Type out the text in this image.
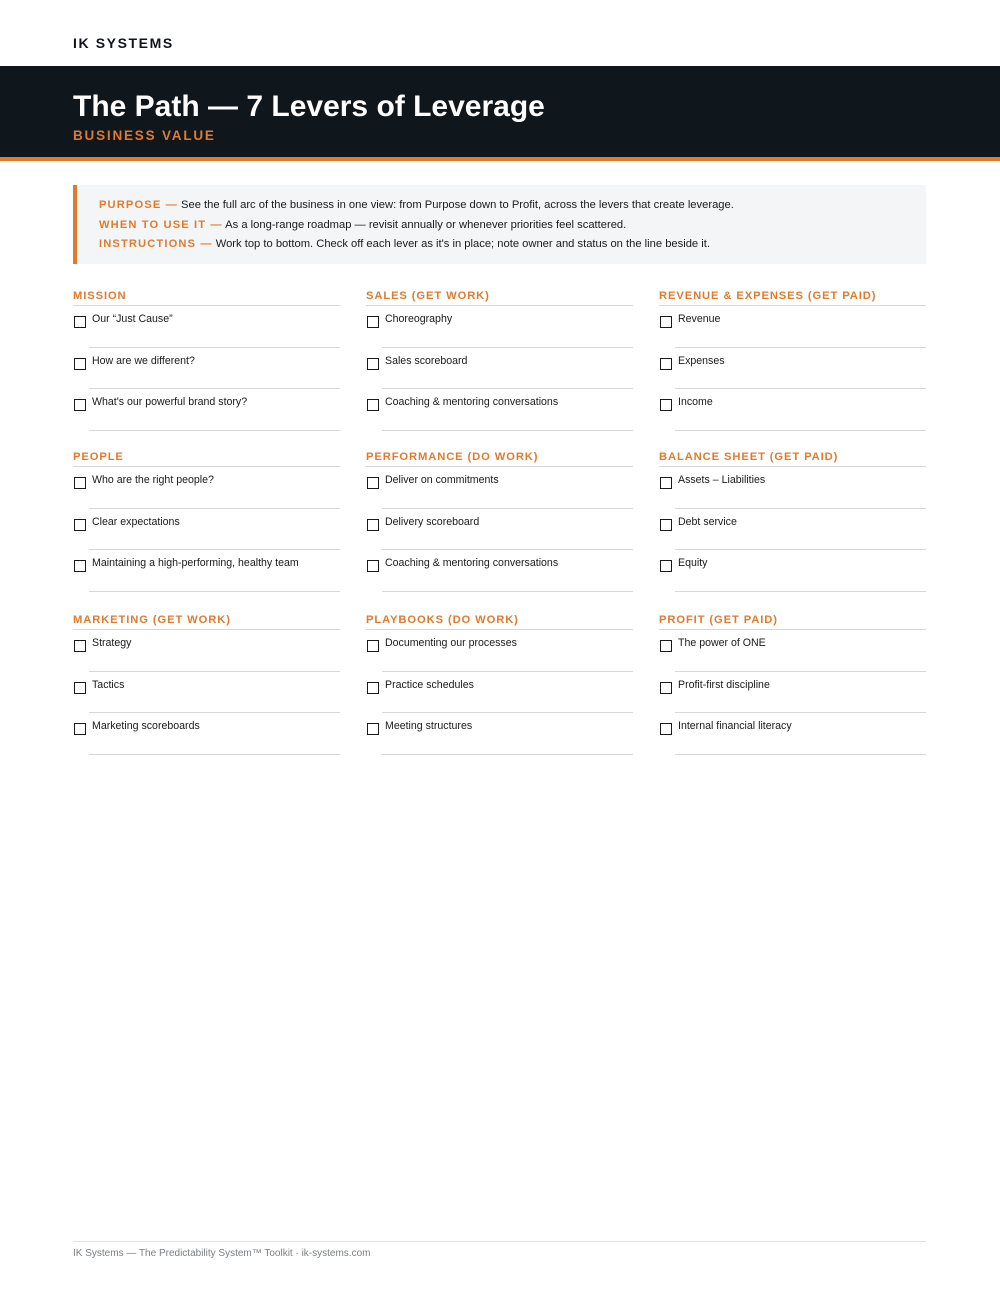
IK SYSTEMS
The Path — 7 Levers of Leverage
BUSINESS VALUE
PURPOSE — See the full arc of the business in one view: from Purpose down to Profit, across the levers that create leverage.
WHEN TO USE IT — As a long-range roadmap — revisit annually or whenever priorities feel scattered.
INSTRUCTIONS — Work top to bottom. Check off each lever as it's in place; note owner and status on the line beside it.
MISSION
Our “Just Cause”
How are we different?
What's our powerful brand story?
SALES (GET WORK)
Choreography
Sales scoreboard
Coaching & mentoring conversations
REVENUE & EXPENSES (GET PAID)
Revenue
Expenses
Income
PEOPLE
Who are the right people?
Clear expectations
Maintaining a high-performing, healthy team
PERFORMANCE (DO WORK)
Deliver on commitments
Delivery scoreboard
Coaching & mentoring conversations
BALANCE SHEET (GET PAID)
Assets – Liabilities
Debt service
Equity
MARKETING (GET WORK)
Strategy
Tactics
Marketing scoreboards
PLAYBOOKS (DO WORK)
Documenting our processes
Practice schedules
Meeting structures
PROFIT (GET PAID)
The power of ONE
Profit-first discipline
Internal financial literacy
IK Systems — The Predictability System™ Toolkit · ik-systems.com
